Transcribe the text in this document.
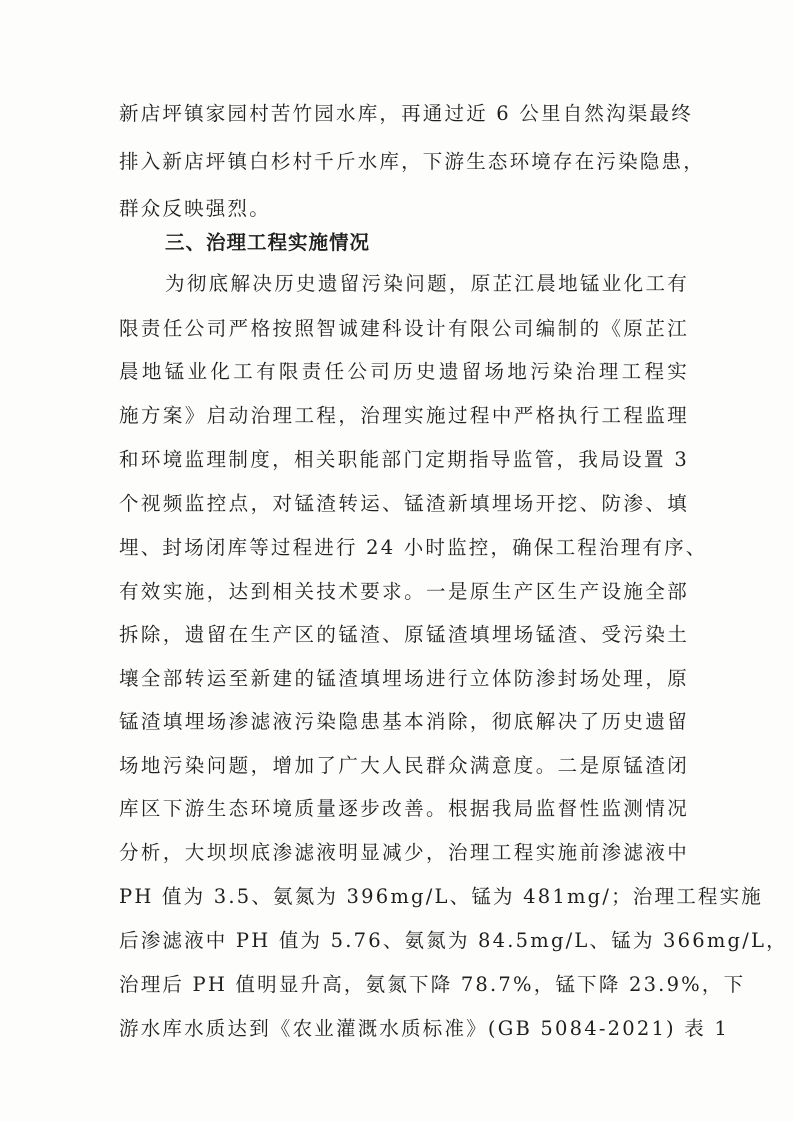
新店坪镇家园村苦竹园水库，再通过近 6 公里自然沟渠最终
排入新店坪镇白杉村千斤水库，下游生态环境存在污染隐患，
群众反映强烈。
三、治理工程实施情况
为彻底解决历史遗留污染问题，原芷江晨地锰业化工有
限责任公司严格按照智诚建科设计有限公司编制的《原芷江
晨地锰业化工有限责任公司历史遗留场地污染治理工程实
施方案》启动治理工程，治理实施过程中严格执行工程监理
和环境监理制度，相关职能部门定期指导监管，我局设置 3
个视频监控点，对锰渣转运、锰渣新填埋场开挖、防渗、填
埋、封场闭库等过程进行 24 小时监控，确保工程治理有序、
有效实施，达到相关技术要求。一是原生产区生产设施全部
拆除，遗留在生产区的锰渣、原锰渣填埋场锰渣、受污染土
壤全部转运至新建的锰渣填埋场进行立体防渗封场处理，原
锰渣填埋场渗滤液污染隐患基本消除，彻底解决了历史遗留
场地污染问题，增加了广大人民群众满意度。二是原锰渣闭
库区下游生态环境质量逐步改善。根据我局监督性监测情况
分析，大坝坝底渗滤液明显减少，治理工程实施前渗滤液中
PH 值为 3.5、氨氮为 396mg/L、锰为 481mg/；治理工程实施
后渗滤液中 PH 值为 5.76、氨氮为 84.5mg/L、锰为 366mg/L，
治理后 PH 值明显升高，氨氮下降 78.7%，锰下降 23.9%，下
游水库水质达到《农业灌溉水质标准》(GB 5084-2021) 表 1
